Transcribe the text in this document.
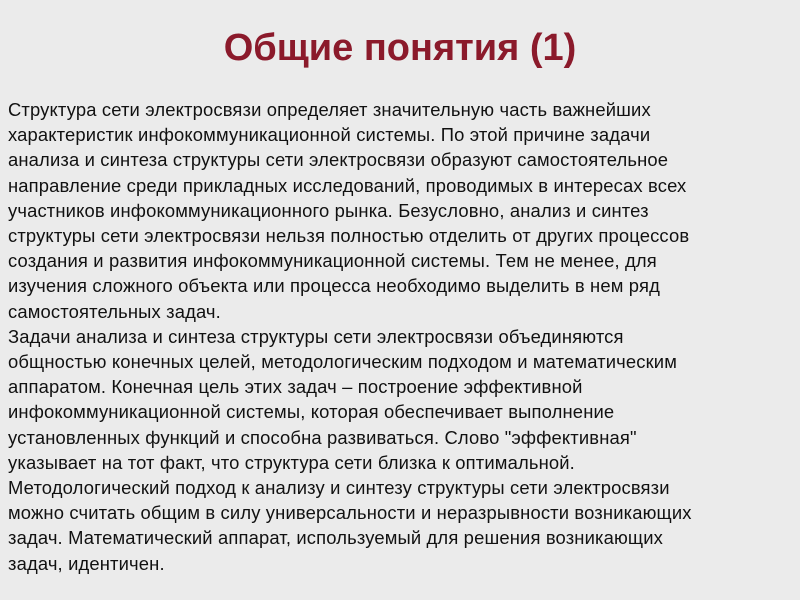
Общие понятия (1)
Структура сети электросвязи определяет значительную часть важнейших
характеристик инфокоммуникационной системы. По этой причине задачи
анализа и синтеза структуры сети электросвязи образуют самостоятельное
направление среди прикладных исследований, проводимых в интересах всех
участников инфокоммуникационного рынка. Безусловно, анализ и синтез
структуры сети электросвязи нельзя полностью отделить от других процессов
создания и развития инфокоммуникационной системы. Тем не менее, для
изучения сложного объекта или процесса необходимо выделить в нем ряд
самостоятельных задач.
Задачи анализа и синтеза структуры сети электросвязи объединяются
общностью конечных целей, методологическим подходом и математическим
аппаратом. Конечная цель этих задач – построение эффективной
инфокоммуникационной системы, которая обеспечивает выполнение
установленных функций и способна развиваться. Слово "эффективная"
указывает на тот факт, что структура сети близка к оптимальной.
Методологический подход к анализу и синтезу структуры сети электросвязи
можно считать общим в силу универсальности и неразрывности возникающих
задач. Математический аппарат, используемый для решения возникающих
задач, идентичен.
